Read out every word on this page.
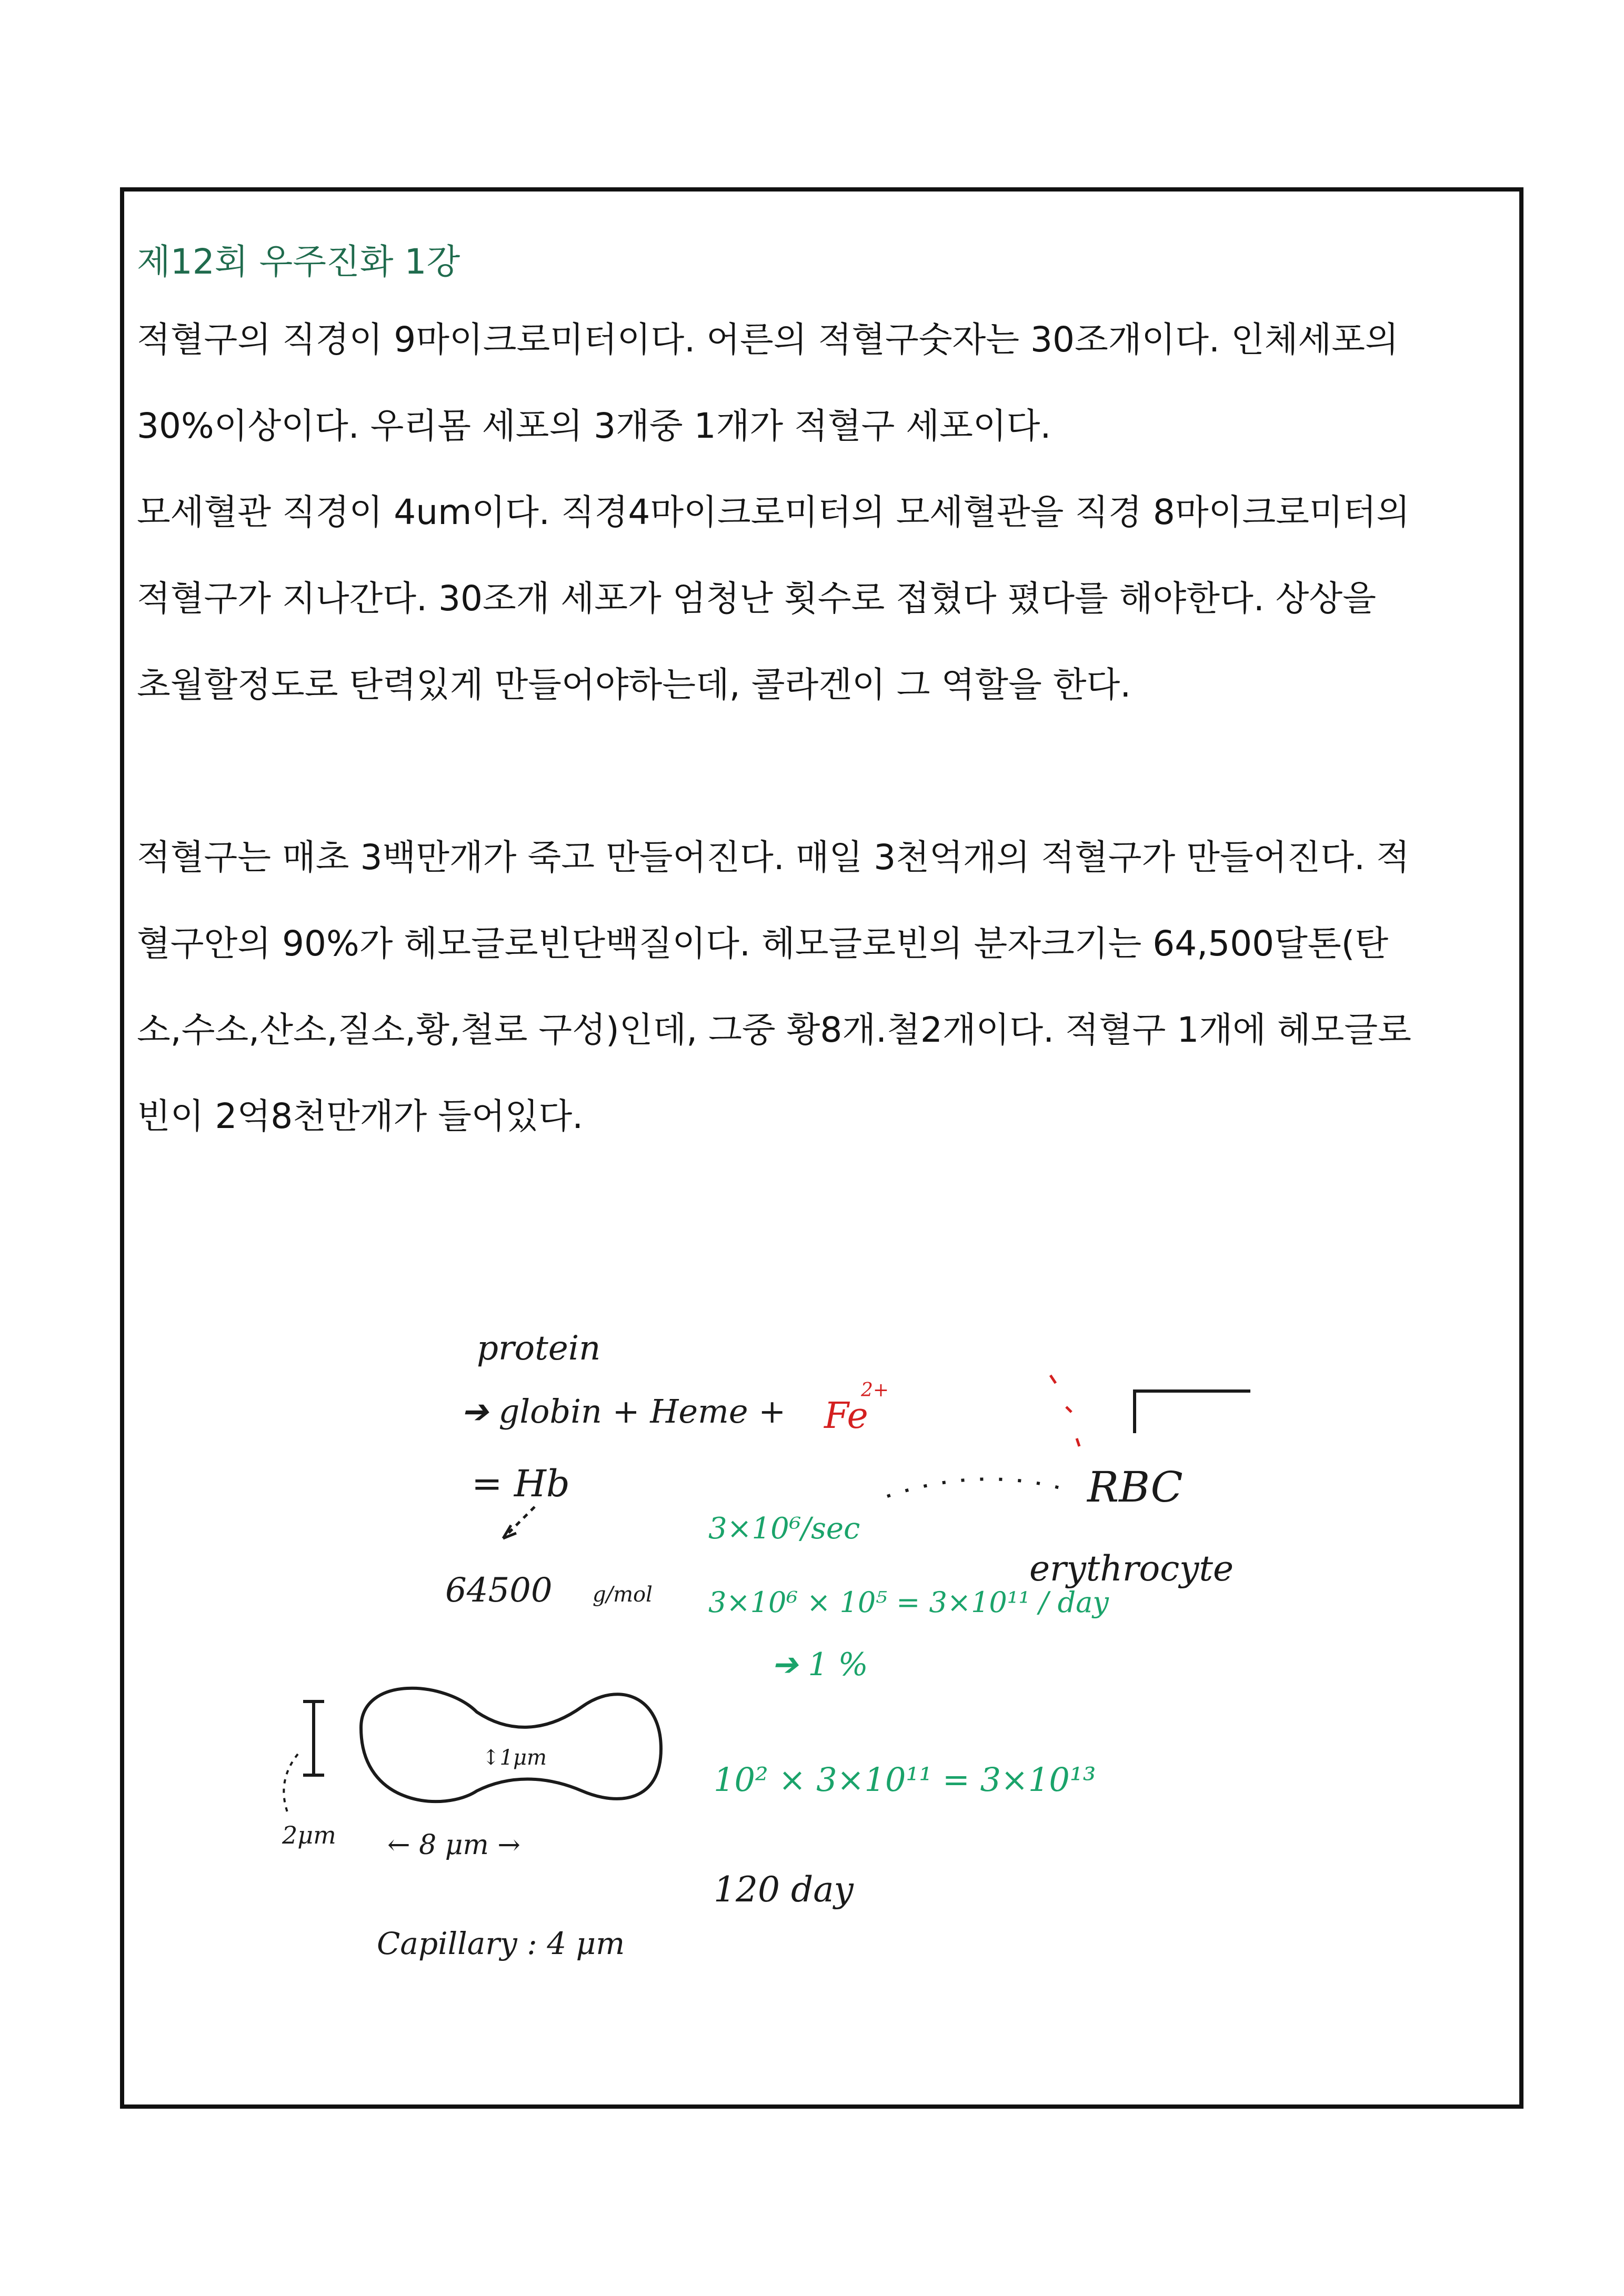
제12회 우주진화 1강
적혈구의 직경이 9마이크로미터이다. 어른의 적혈구숫자는 30조개이다. 인체세포의
30%이상이다. 우리몸 세포의 3개중 1개가 적혈구 세포이다.
모세혈관 직경이 4um이다. 직경4마이크로미터의 모세혈관을 직경 8마이크로미터의
적혈구가 지나간다. 30조개 세포가 엄청난 횟수로 접혔다 폈다를 해야한다. 상상을
초월할정도로 탄력있게 만들어야하는데, 콜라겐이 그 역할을 한다.
적혈구는 매초 3백만개가 죽고 만들어진다. 매일 3천억개의 적혈구가 만들어진다. 적
혈구안의 90%가 헤모글로빈단백질이다. 헤모글로빈의 분자크기는 64,500달톤(탄
소,수소,산소,질소,황,철로 구성)인데, 그중 황8개.철2개이다. 적혈구 1개에 헤모글로
빈이 2억8천만개가 들어있다.
protein
➔ globin + Heme + Fe
2+
= Hb
64500 g/mol
RBC
erythrocyte
3×10⁶/sec
3×10⁶ × 10⁵ = 3×10¹¹ / day
➔ 1 %
10² × 3×10¹¹ = 3×10¹³
120 day
↕1μm
2μm ← 8 μm →
Capillary : 4 μm
